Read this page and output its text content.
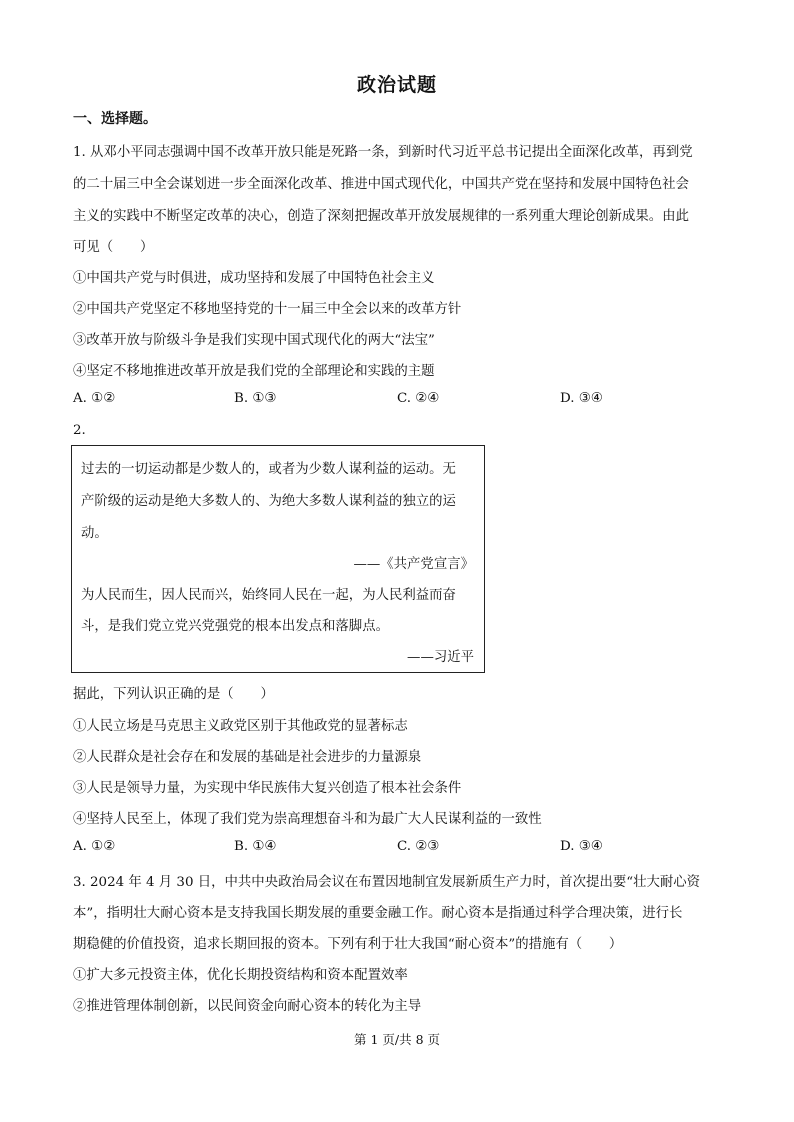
政治试题
一、选择题。
1. 从邓小平同志强调中国不改革开放只能是死路一条，到新时代习近平总书记提出全面深化改革，再到党
的二十届三中全会谋划进一步全面深化改革、推进中国式现代化，中国共产党在坚持和发展中国特色社会
主义的实践中不断坚定改革的决心，创造了深刻把握改革开放发展规律的一系列重大理论创新成果。由此
可见（　　）
①中国共产党与时俱进，成功坚持和发展了中国特色社会主义
②中国共产党坚定不移地坚持党的十一届三中全会以来的改革方针
③改革开放与阶级斗争是我们实现中国式现代化的两大“法宝”
④坚定不移地推进改革开放是我们党的全部理论和实践的主题
A. ①②	B. ①③	C. ②④	D. ③④
2.
过去的一切运动都是少数人的，或者为少数人谋利益的运动。无
产阶级的运动是绝大多数人的、为绝大多数人谋利益的独立的运
动。
——《共产党宣言》
为人民而生，因人民而兴，始终同人民在一起，为人民利益而奋
斗，是我们党立党兴党强党的根本出发点和落脚点。
——习近平
据此，下列认识正确的是（　　）
①人民立场是马克思主义政党区别于其他政党的显著标志
②人民群众是社会存在和发展的基础是社会进步的力量源泉
③人民是领导力量，为实现中华民族伟大复兴创造了根本社会条件
④坚持人民至上，体现了我们党为崇高理想奋斗和为最广大人民谋利益的一致性
A. ①②	B. ①④	C. ②③	D. ③④
3. 2024 年 4 月 30 日，中共中央政治局会议在布置因地制宜发展新质生产力时，首次提出要“壮大耐心资
本”，指明壮大耐心资本是支持我国长期发展的重要金融工作。耐心资本是指通过科学合理决策，进行长
期稳健的价值投资，追求长期回报的资本。下列有利于壮大我国“耐心资本”的措施有（　　）
①扩大多元投资主体，优化长期投资结构和资本配置效率
②推进管理体制创新，以民间资金向耐心资本的转化为主导
第 1 页/共 8 页
